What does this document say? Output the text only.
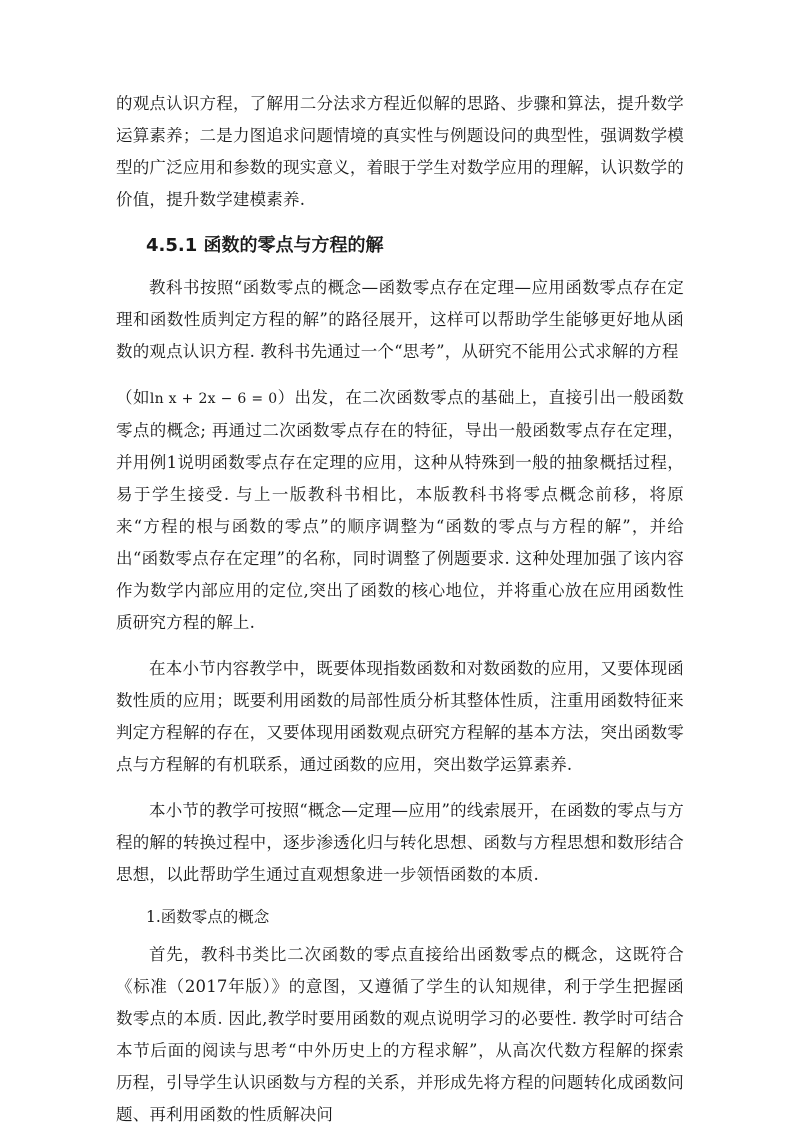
的观点认识方程，了解用二分法求方程近似解的思路、步骤和算法，提升数学运算素养；二是力图追求问题情境的真实性与例题设问的典型性，强调数学模型的广泛应用和参数的现实意义，着眼于学生对数学应用的理解，认识数学的价值，提升数学建模素养.

4.5.1 函数的零点与方程的解

教科书按照“函数零点的概念—函数零点存在定理—应用函数零点存在定理和函数性质判定方程的解”的路径展开，这样可以帮助学生能够更好地从函数的观点认识方程. 教科书先通过一个“思考”，从研究不能用公式求解的方程

（如ln x + 2x − 6 = 0）出发，在二次函数零点的基础上，直接引出一般函数零点的概念; 再通过二次函数零点存在的特征，导出一般函数零点存在定理，并用例1说明函数零点存在定理的应用，这种从特殊到一般的抽象概括过程，易于学生接受. 与上一版教科书相比，本版教科书将零点概念前移，将原来“方程的根与函数的零点”的顺序调整为“函数的零点与方程的解”，并给出“函数零点存在定理”的名称，同时调整了例题要求. 这种处理加强了该内容作为数学内部应用的定位,突出了函数的核心地位，并将重心放在应用函数性质研究方程的解上.

在本小节内容教学中，既要体现指数函数和对数函数的应用，又要体现函数性质的应用；既要利用函数的局部性质分析其整体性质，注重用函数特征来判定方程解的存在，又要体现用函数观点研究方程解的基本方法，突出函数零点与方程解的有机联系，通过函数的应用，突出数学运算素养.

本小节的教学可按照“概念—定理—应用”的线索展开，在函数的零点与方程的解的转换过程中，逐步渗透化归与转化思想、函数与方程思想和数形结合思想，以此帮助学生通过直观想象进一步领悟函数的本质.

1.函数零点的概念

首先，教科书类比二次函数的零点直接给出函数零点的概念，这既符合《标准（2017年版）》的意图，又遵循了学生的认知规律，利于学生把握函数零点的本质. 因此,教学时要用函数的观点说明学习的必要性. 教学时可结合本节后面的阅读与思考“中外历史上的方程求解”，从高次代数方程解的探索历程，引导学生认识函数与方程的关系，并形成先将方程的问题转化成函数问题、再利用函数的性质解决问
